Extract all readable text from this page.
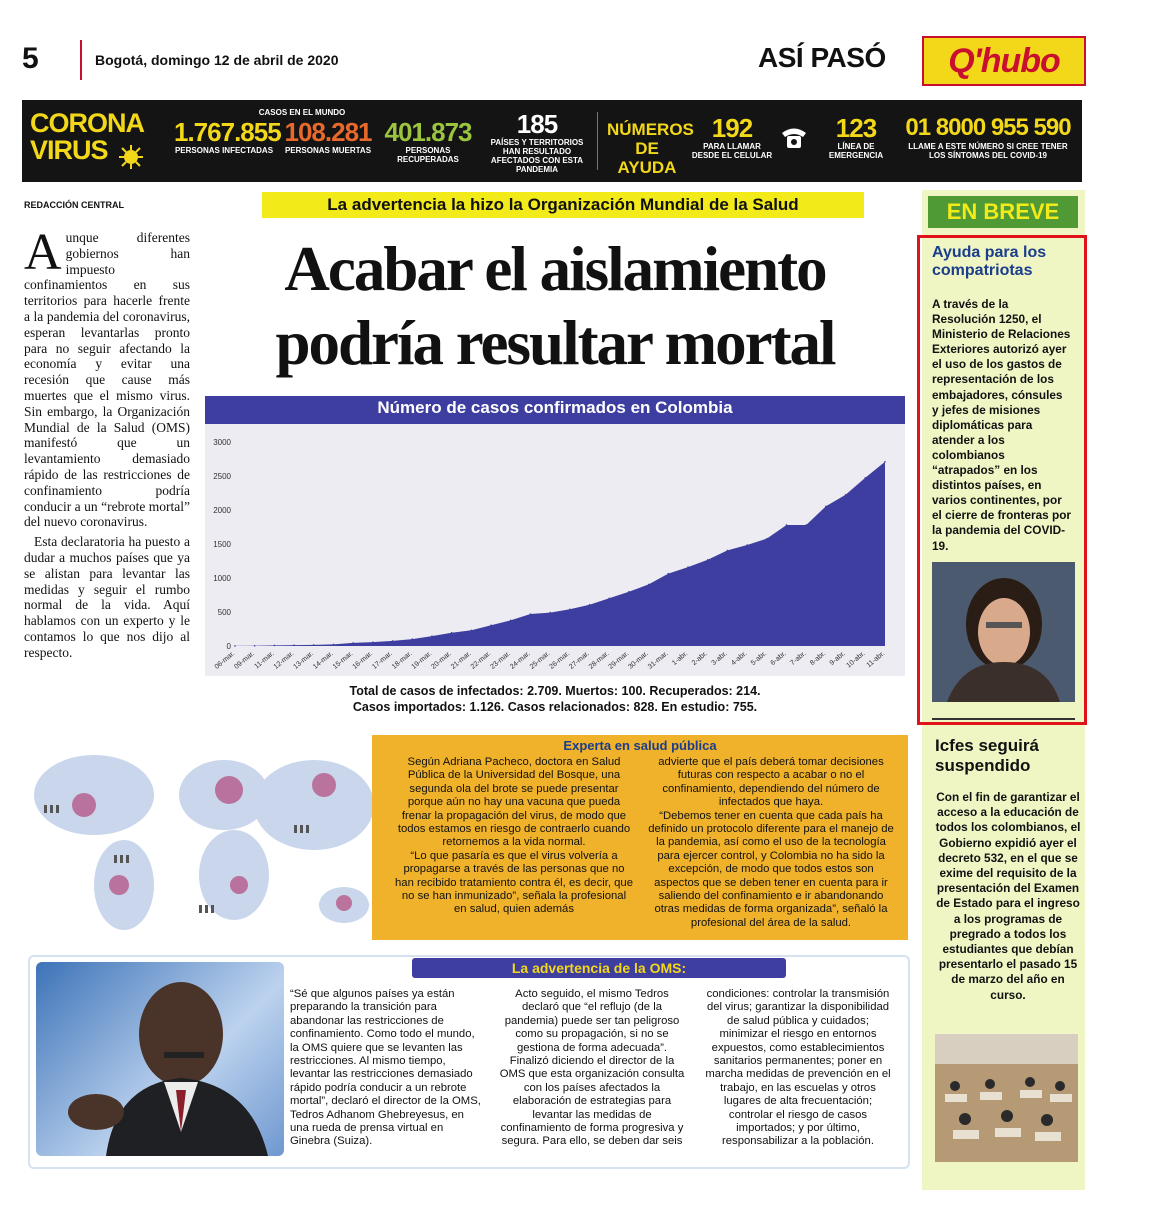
5	Bogotá, domingo 12 de abril de 2020	ASÍ PASÓ Q'hubo
CORONA
VIRUS
CASOS EN EL MUNDO
1.767.855
PERSONAS INFECTADAS
108.281
PERSONAS MUERTAS
401.873
PERSONAS RECUPERADAS
185
PAÍSES Y TERRITORIOS HAN RESULTADO AFECTADOS CON ESTA PANDEMIA
NÚMEROS
DE AYUDA
192
PARA LLAMAR DESDE EL CELULAR
123
LÍNEA DE EMERGENCIA
01 8000 955 590
LLAME A ESTE NÚMERO SI CREE TENER LOS SÍNTOMAS DEL COVID-19
REDACCIÓN CENTRAL

Aunque diferentes gobiernos han impuesto confinamientos en sus territorios para hacerle frente a la pandemia del coronavirus, esperan levantarlas pronto para no seguir afectando la economía y evitar una recesión que cause más muertes que el mismo virus. Sin embargo, la Organización Mundial de la Salud (OMS) manifestó que un levantamiento demasiado rápido de las restricciones de confinamiento podría conducir a un “rebrote mortal” del nuevo coronavirus.

Esta declaratoria ha puesto a dudar a muchos países que ya se alistan para levantar las medidas y seguir el rumbo normal de la vida. Aquí hablamos con un experto y le contamos lo que nos dijo al respecto.

La advertencia la hizo la Organización Mundial de la Salud
Acabar el aislamiento
podría resultar mortal
Número de casos confirmados en Colombia
0
500
1000
1500
2000
2500
3000
06-mar.
09-mar.
11-mar.
12-mar.
13-mar.
14-mar.
15-mar.
16-mar.
17-mar.
18-mar.
19-mar.
20-mar.
21-mar.
22-mar.
23-mar.
24-mar.
25-mar.
26-mar.
27-mar.
28-mar.
29-mar.
30-mar.
31-mar. 1-abr. 2-abr. 3-abr. 4-abr. 5-abr. 6-abr. 7-abr. 8-abr. 9-abr.
10-abr.
11-abr.
Total de casos de infectados: 2.709. Muertos: 100. Recuperados: 214.
Casos importados: 1.126. Casos relacionados: 828. En estudio: 755.
Experta en salud pública
Según Adriana Pacheco, doctora en Salud Pública de la Universidad del Bosque, una segunda ola del brote se puede presentar porque aún no hay una vacuna que pueda frenar la propagación del virus, de modo que todos estamos en riesgo de contraerlo cuando retornemos a la vida normal.
“Lo que pasaría es que el virus volvería a propagarse a través de las personas que no han recibido tratamiento contra él, es decir, que no se han inmunizado”, señala la profesional en salud, quien además
advierte que el país deberá tomar decisiones futuras con respecto a acabar o no el confinamiento, dependiendo del número de infectados que haya.
“Debemos tener en cuenta que cada país ha definido un protocolo diferente para el manejo de la pandemia, así como el uso de la tecnología para ejercer control, y Colombia no ha sido la excepción, de modo que todos estos son aspectos que se deben tener en cuenta para ir saliendo del confinamiento e ir abandonando otras medidas de forma organizada”, señaló la profesional del área de la salud.
La advertencia de la OMS:
“Sé que algunos países ya están preparando la transición para abandonar las restricciones de confinamiento. Como todo el mundo, la OMS quiere que se levanten las restricciones. Al mismo tiempo, levantar las restricciones demasiado rápido podría conducir a un rebrote mortal”, declaró el director de la OMS, Tedros Adhanom Ghebreyesus, en una rueda de prensa virtual en Ginebra (Suiza).
Acto seguido, el mismo Tedros declaró que “el reflujo (de la pandemia) puede ser tan peligroso como su propagación, si no se gestiona de forma adecuada”.
Finalizó diciendo el director de la OMS que esta organización consulta con los países afectados la elaboración de estrategias para levantar las medidas de confinamiento de forma progresiva y segura. Para ello, se deben dar seis
condiciones: controlar la transmisión del virus; garantizar la disponibilidad de salud pública y cuidados; minimizar el riesgo en entornos expuestos, como establecimientos sanitarios permanentes; poner en marcha medidas de prevención en el trabajo, en las escuelas y otros lugares de alta frecuentación; controlar el riesgo de casos importados; y por último, responsabilizar a la población.
EN BREVE
Ayuda para los compatriotas
A través de la Resolución 1250, el Ministerio de Relaciones Exteriores autorizó ayer el uso de los gastos de representación de los embajadores, cónsules y jefes de misiones diplomáticas para atender a los colombianos “atrapados” en los distintos países, en varios continentes, por el cierre de fronteras por la pandemia del COVID-19.
Icfes seguirá suspendido
Con el fin de garantizar el acceso a la educación de todos los colombianos, el Gobierno expidió ayer el decreto 532, en el que se exime del requisito de la presentación del Examen de Estado para el ingreso a los programas de pregrado a todos los estudiantes que debían presentarlo el pasado 15 de marzo del año en curso.
